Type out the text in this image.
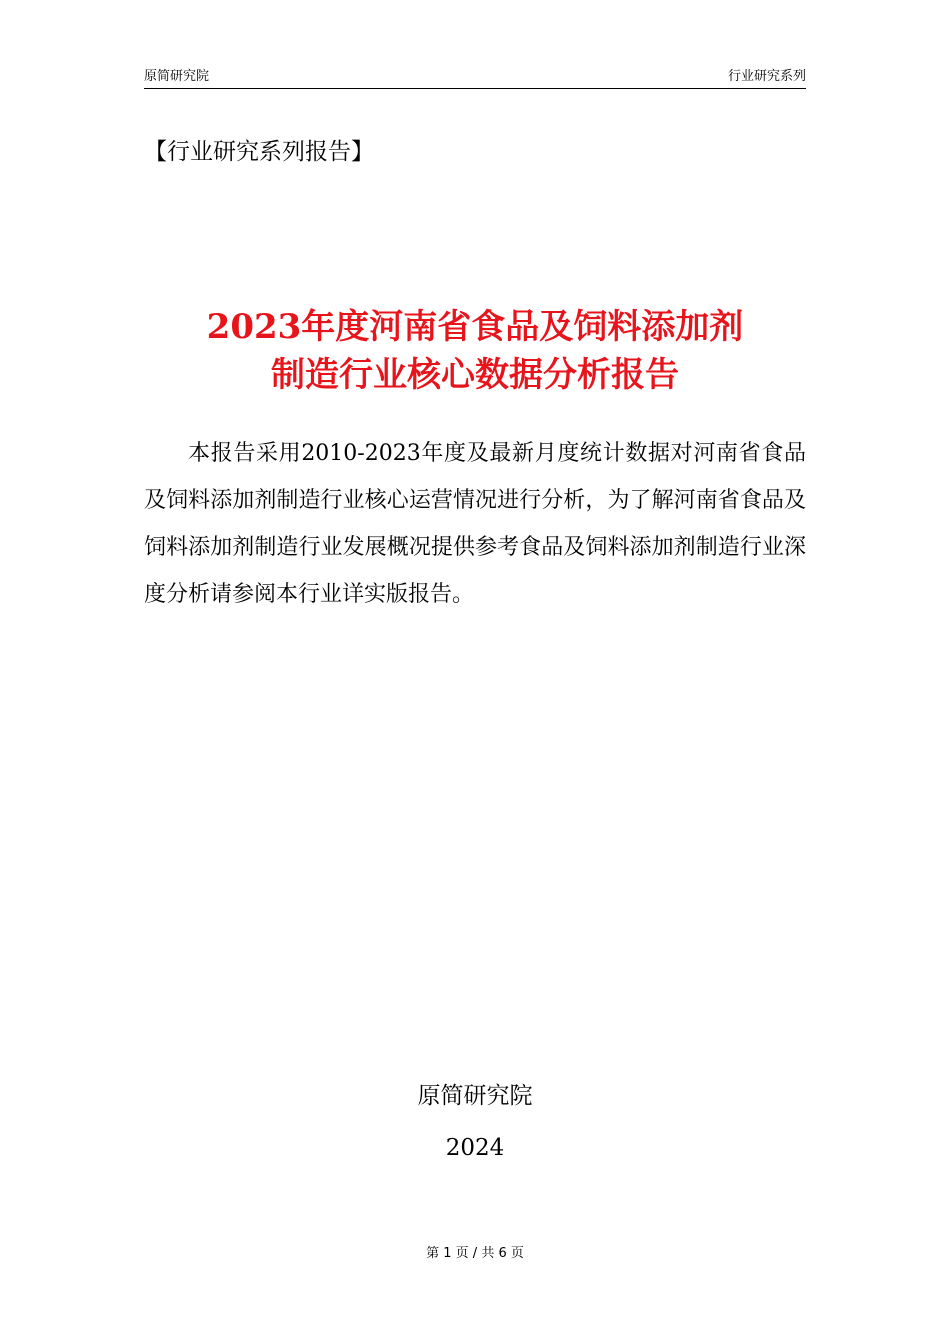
原简研究院	行业研究系列
【行业研究系列报告】
2023年度河南省食品及饲料添加剂
制造行业核心数据分析报告

本报告采用2010-2023年度及最新月度统计数据对河南省食品及饲料添加剂制造行业核心运营情况进行分析，为了解河南省食品及饲料添加剂制造行业发展概况提供参考食品及饲料添加剂制造行业深度分析请参阅本行业详实版报告。

原简研究院
2024
第 1 页 / 共 6 页
